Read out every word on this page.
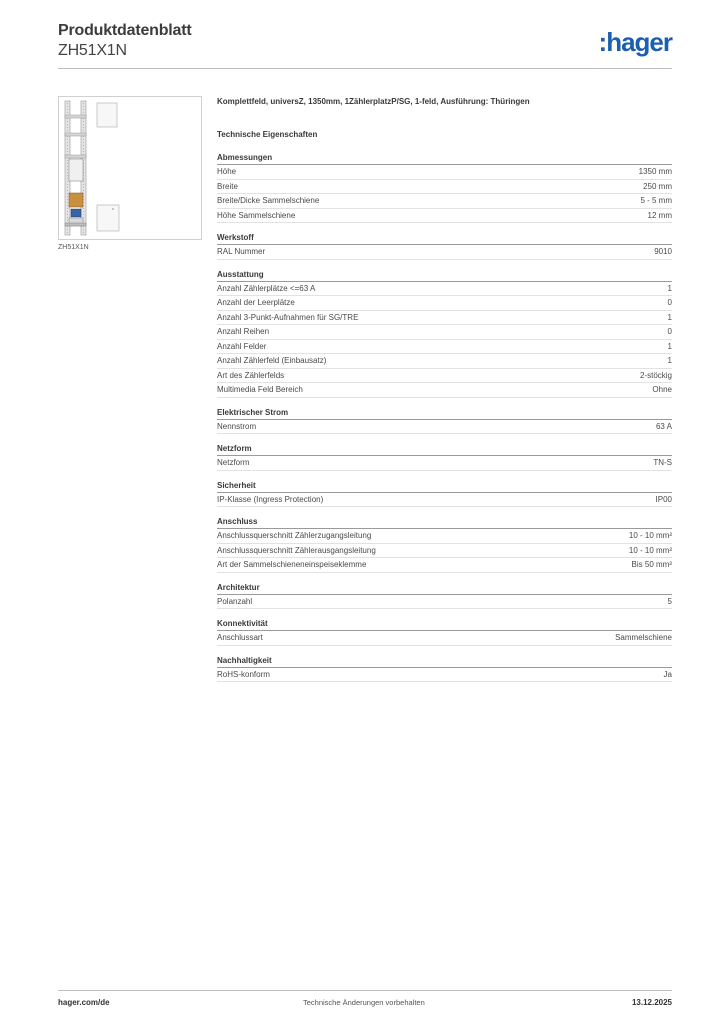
Produktdatenblatt
ZH51X1N	:hager
ZH51X1N
Komplettfeld, universZ, 1350mm, 1ZählerplatzP/SG, 1-feld, Ausführung: Thüringen
Technische Eigenschaften
Abmessungen
Höhe	1350 mm
Breite	250 mm
Breite/Dicke Sammelschiene	5 - 5 mm
Höhe Sammelschiene	12 mm
Werkstoff
RAL Nummer	9010
Ausstattung
Anzahl Zählerplätze <=63 A	1
Anzahl der Leerplätze	0
Anzahl 3-Punkt-Aufnahmen für SG/TRE	1
Anzahl Reihen	0
Anzahl Felder	1
Anzahl Zählerfeld (Einbausatz)	1
Art des Zählerfelds	2-stöckig
Multimedia Feld Bereich	Ohne
Elektrischer Strom
Nennstrom	63 A
Netzform
Netzform	TN-S
Sicherheit
IP-Klasse (Ingress Protection)	IP00
Anschluss
Anschlussquerschnitt Zählerzugangsleitung	10 - 10 mm²
Anschlussquerschnitt Zählerausgangsleitung	10 - 10 mm²
Art der Sammelschieneneinspeiseklemme	Bis 50 mm²
Architektur
Polanzahl	5
Konnektivität
Anschlussart	Sammelschiene
Nachhaltigkeit
RoHS-konform	Ja
hager.com/de	Technische Änderungen vorbehalten	13.12.2025
